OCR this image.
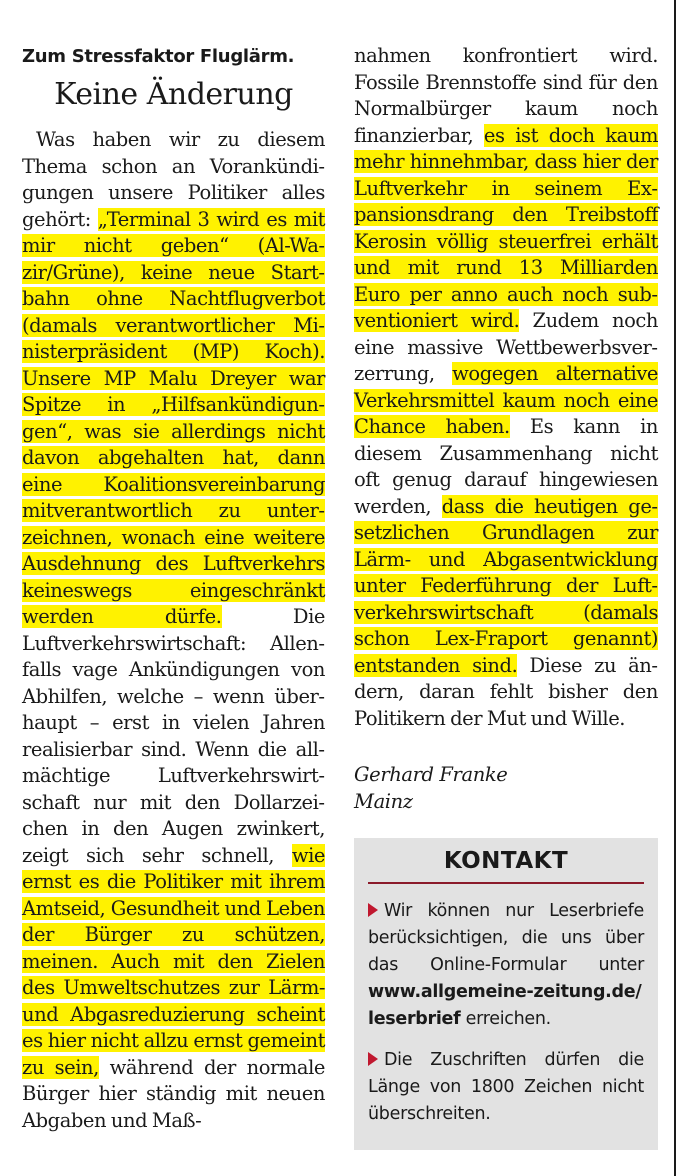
Zum Stressfaktor Fluglärm.

Keine Änderung

Was haben wir zu diesem Thema schon an Vorankündigungen unsere Politiker alles gehört: „Terminal 3 wird es mit mir nicht geben“ (Al-Wazir/Grüne), keine neue Startbahn ohne Nachtflugverbot (damals verantwortlicher Ministerpräsident (MP) Koch). Unsere MP Malu Dreyer war Spitze in „Hilfsankündigungen“, was sie allerdings nicht davon abgehalten hat, dann eine Koalitionsvereinbarung mitverantwortlich zu unterzeichnen, wonach eine weitere Ausdehnung des Luftverkehrs keineswegs eingeschränkt werden dürfe. Die Luftverkehrswirtschaft: Allenfalls vage Ankündigungen von Abhilfen, welche – wenn überhaupt – erst in vielen Jahren realisierbar sind. Wenn die allmächtige Luftverkehrswirtschaft nur mit den Dollarzeichen in den Augen zwinkert, zeigt sich sehr schnell, wie ernst es die Politiker mit ihrem Amtseid, Gesundheit und Leben der Bürger zu schützen, meinen. Auch mit den Zielen des Umweltschutzes zur Lärm- und Abgasreduzierung scheint es hier nicht allzu ernst gemeint zu sein, während der normale Bürger hier ständig mit neuen Abgaben und Maß-

nahmen konfrontiert wird. Fossile Brennstoffe sind für den Normalbürger kaum noch finanzierbar, es ist doch kaum mehr hinnehmbar, dass hier der Luftverkehr in seinem Expansionsdrang den Treibstoff Kerosin völlig steuerfrei erhält und mit rund 13 Milliarden Euro per anno auch noch subventioniert wird. Zudem noch eine massive Wettbewerbsverzerrung, wogegen alternative Verkehrsmittel kaum noch eine Chance haben. Es kann in diesem Zusammenhang nicht oft genug darauf hingewiesen werden, dass die heutigen gesetzlichen Grundlagen zur Lärm- und Abgasentwicklung unter Federführung der Luftverkehrswirtschaft (damals schon Lex-Fraport genannt) entstanden sind. Diese zu ändern, daran fehlt bisher den Politikern der Mut und Wille.

Gerhard Franke
Mainz

KONTAKT

Wir können nur Leserbriefe berücksichtigen, die uns über das Online-Formular unter www.allgemeine-zeitung.de/ leserbrief erreichen.

Die Zuschriften dürfen die Länge von 1800 Zeichen nicht überschreiten.
